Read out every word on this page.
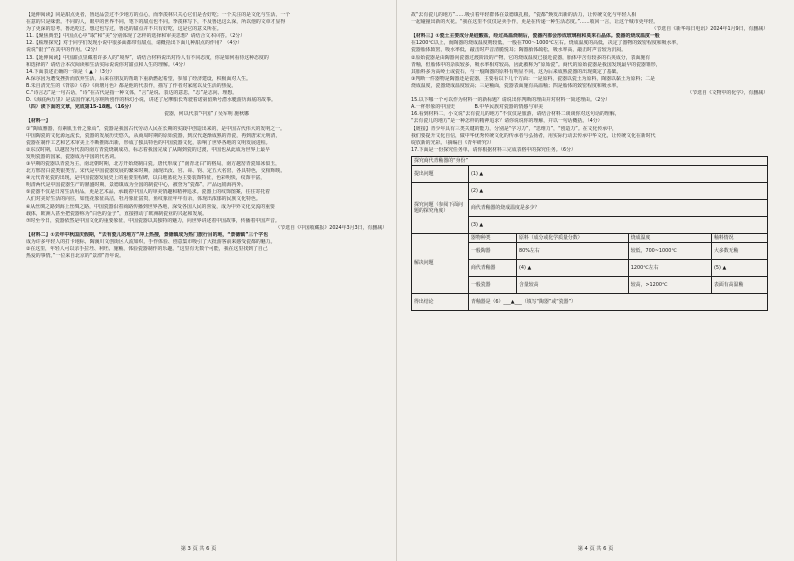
【延伸阅读】同是甜点更者，鲁迅品尝过不少地方的点心，而季羡林只关心它们是否好吃；一个关注的是文化与生活，一个
在意的只是味蕾。不同的人，眼中的世界不同，笔下的甜点也不同。季羡林写下，不及鲁迅这么深，所以他的文章才显得
为了更深的思考，鲁迅吃过、想过也写过，鲁迅的甜点并不只有好吃，这是它的意义所在。
11.【聚焦典型】中国点心中“取”和“美”分别体现了怎样的选择和审美思想？请结合文本回答。（2分）
12.【梳理探究】对于同学们发现小说中很多面都带有甜点，请概括出下面几种甜点的作用？（4分）
说说“银子”在其中的作用。（2分）
13.【延伸阅读】中国甜点里藏着许多人的“境界”，请结合材料说出对待人有不同态度，你是如何看待这种态度的
和选择的？请结合本次阅读和生活实际说说你对甜点和人生的理解。（4分）
14.下面表述正确的一项是（ ▲ ）（3分）
A.保尔因为遭受挫折而放弃生活，后来在朋友的帮助下重新燃起希望，参加了经济建设，积极面对人生。
B.朱自清先生的《背影》《春》《荷塘月色》都是他的代表作，描写了作者对家庭以及生活的热爱。
C.“诗言志”是一句古话，“诗”在古代是指一种文体，“言”是说、表达的意思，“志”是志向、理想。
D.《海底两万里》是法国作家凡尔纳所创作的科幻小说，讲述了尼摩船长驾驶着诺第留斯号潜水艇游历海底的故事。
（四）读下面的文章，完成第15-18题。（16分）
瓷器，何以代表“中国” / 吴军明 施秋娜
【材料一】
①“陶成雅器，有素肌玉骨之象焉”，瓷器是我国古代劳动人民在长期的实践中创造出来的，是中国古代伟大的发明之一。
中国陶瓷的文化源远流长，瓷器的发展历史悠久，从商周时期的原始瓷器，到汉代逐渐成熟的青瓷，再到唐宋元明清，
瓷器在制作工艺和艺术审美上不断推陈出新，形成了独具特色的中国瓷器文化，影响了世界各地的文明发展进程。
②东汉时期，以越窑为代表的南方青瓷烧制成功，标志着我国完成了从陶到瓷的过渡，中国也从此成为世界上最早
发明瓷器的国家，瓷器成为中国的代名词。
③早期的瓷器以青瓷为主，南北朝时期，北方开始烧制白瓷。唐代形成了“南青北白”的格局，南方越窑青瓷如冰似玉，
北方邢窑白瓷类银类雪。宋代是中国瓷器发展的繁荣时期，涌现出汝、官、哥、钧、定五大名窑，各具特色，交相辉映。
④元代青花瓷的出现，是中国瓷器发展史上的重要里程碑，以白地蓝花为主要装饰特征，色彩明快，纹饰丰富，
明清两代是中国瓷器生产的鼎盛时期，景德镇成为全国的制瓷中心，被誉为“瓷都”，产品远销海内外。
⑤瓷器不仅是日常生活用品，更是艺术品，承载着中国人的审美情趣和精神追求。瓷器上的纹饰图案，往往寄托着
人们对美好生活的向往，如莲花象征高洁，牡丹象征富贵，鱼纹象征年年有余，体现出浓郁的民族文化特色。
⑥从丝绸之路到海上丝绸之路，中国瓷器沿着商路传播到世界各地，深受各国人民的喜爱，成为中外文化交流的重要
载体，欧洲人甚至把瓷器称为“白色的金子”，直接推动了欧洲制瓷业的兴起和发展。
⑦时至今日，瓷器依然是中国文化的重要象征，中国瓷器以其独特的魅力，向世界讲述着中国故事，传播着中国声音。
（节选自《中国收藏报》2024年3月3日，有删减）
【材料二】①去年中秋国庆假期，“去有瓷儿的地方”冲上热搜，景德镇成为热门旅行目的地，“景德镇”三个字也
成为许多年轻人的打卡地标，陶溪川文创街区人流如织，手作体验、创意集市吸引了大批游客前来感受瓷都的魅力。
②在这里，年轻人可以亲手拉坯、利坯、施釉，体验瓷器制作的乐趣。“这里有无数个可能，我在这里找到了自己
热爱的事情。”一位来自北京的“景漂”青年说。
第 3 页 共 6 页
故“去有瓷儿的地方”……吸引着年轻群体在景德镇扎根，“瓷都”焕发出新的活力，让传统文化与年轻人相
一起碰撞出新的火花。“我在这里不仅仅是卖手作，更是在传递一种生活态度。”……收回一言，让这个城市更年轻。
（节选自《新华每日电讯》2024年1月9日，有删减）
【材料三】①瓷土主要成分是硅酸盐，经过高温烧制后，瓷器内部会形成玻璃相和莫来石晶体。瓷器的烧成温度一般
在1200℃以上，而陶器的烧成温度则较低，一般在700～1000℃左右。烧成温度的高低，决定了器物的致密程度和吸水率，
瓷器胎体致密，吸水率低，敲击时声音清脆悦耳；陶器胎体疏松，吸水率高，敲击时声音较为沉闷。
②原始瓷器是由陶器向瓷器过渡阶段的产物，它的烧成温度已接近瓷器，胎体中含有较多的石英成分，表面施有
青釉，但胎体中的杂质较多，吸水率相对较高，因此被称为“原始瓷”。商代的原始瓷器是我国发现最早的瓷器雏形，
其胎料多为高岭土或瓷石，与一般陶器的原料有明显不同，这为后来成熟瓷器的出现奠定了基础。
③判断一件器物是陶器还是瓷器，主要看以下几个方面：一是原料，瓷器以瓷土为原料，陶器以黏土为原料；二是
烧成温度，瓷器烧成温度较高；三是釉面，瓷器表面施有高温釉；四是胎体的致密程度和吸水率。
（节选自《文物中的化学》，有删减）
15.以下哪一个可以作为材料一的新标题？请说出你判断的理由并对材料一简述理由。（2分）
A.一杯形象的中国史　　　　B.中华民族对瓷器的情感与审美
16.看到材料二，小文说“去有瓷儿的地方”不仅仅是旅游，请结合材料二谈谈你对这句话的理解，
“去有瓷儿的地方”是一种怎样的精神追求？请你说说你的理解，并以一句话概括。（4分）
【链接】青少年具有三类关键的能力，分别是“学习力”，“思维力”，“创造力”。在文化传承中，
我们要提升文化自信，做中华优秀传统文化的传承者与弘扬者，用实际行动去传承中华文化，让传统文化在新时代
绽放新的光彩。（摘编自《青年研究》）
17.下面是一份探究任务单，请你根据材料三完成表格中的探究任务。（6分）
探究商代青釉器的“身份”				
提出问题	(1) ▲			
探究问题（参阅下面问题的探究角度）	(2) ▲			
	商代青釉器的烧成温度是多少？			
	(3) ▲			
解决问题	器物种类	原料（成分或化学质量分数）	烧成温度	釉料情况
	一般陶器	80%左右	较低，700~1000℃	大多数无釉
	商代青釉器	(4) ▲	1200℃左右	(5) ▲
	一般瓷器	含量较高	较高，>1200℃	表面有高温釉
得出结论	青釉器是（6）___▲___（填写“陶器”或“瓷器”）			
第 4 页 共 6 页
